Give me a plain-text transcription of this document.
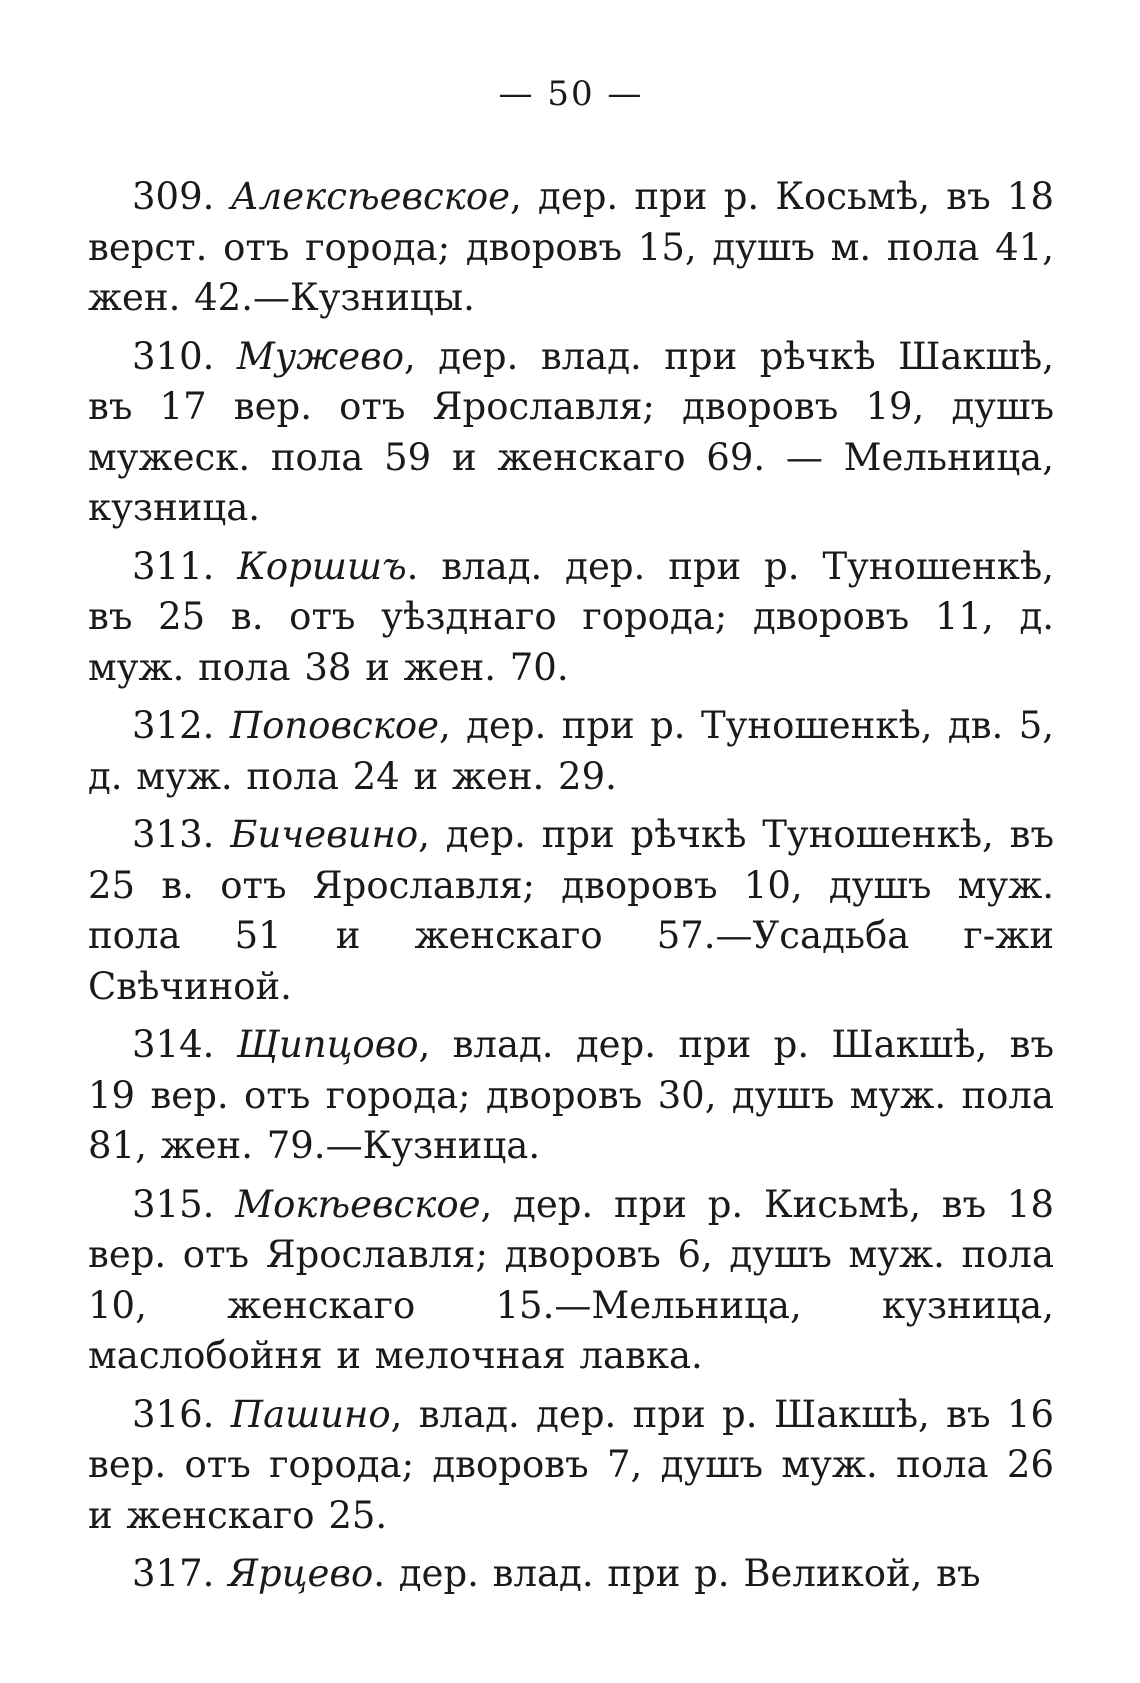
— 50 —

309. Алексѣевское, дер. при р. Косьмѣ, въ 18 верст. отъ города; дворовъ 15, душъ м. пола 41, жен. 42.—Кузницы.

310. Мужево, дер. влад. при рѣчкѣ Шакшѣ, въ 17 вер. отъ Ярославля; дворовъ 19, душъ мужеск. пола 59 и женскаго 69. — Мельница, кузница.

311. Коршшъ. влад. дер. при р. Туношенкѣ, въ 25 в. отъ уѣзднаго города; дворовъ 11, д. муж. пола 38 и жен. 70.

312. Поповское, дер. при р. Туношенкѣ, дв. 5, д. муж. пола 24 и жен. 29.

313. Бичевино, дер. при рѣчкѣ Туношенкѣ, въ 25 в. отъ Ярославля; дворовъ 10, душъ муж. пола 51 и женскаго 57.—Усадьба г-жи Свѣчиной.

314. Щипцово, влад. дер. при р. Шакшѣ, въ 19 вер. отъ города; дворовъ 30, душъ муж. пола 81, жен. 79.—Кузница.

315. Мокѣевское, дер. при р. Кисьмѣ, въ 18 вер. отъ Ярославля; дворовъ 6, душъ муж. пола 10, женскаго 15.—Мельница, кузница, маслобойня и мелочная лавка.

316. Пашино, влад. дер. при р. Шакшѣ, въ 16 вер. отъ города; дворовъ 7, душъ муж. пола 26 и женскаго 25.

317. Ярцево. дер. влад. при р. Великой, въ
